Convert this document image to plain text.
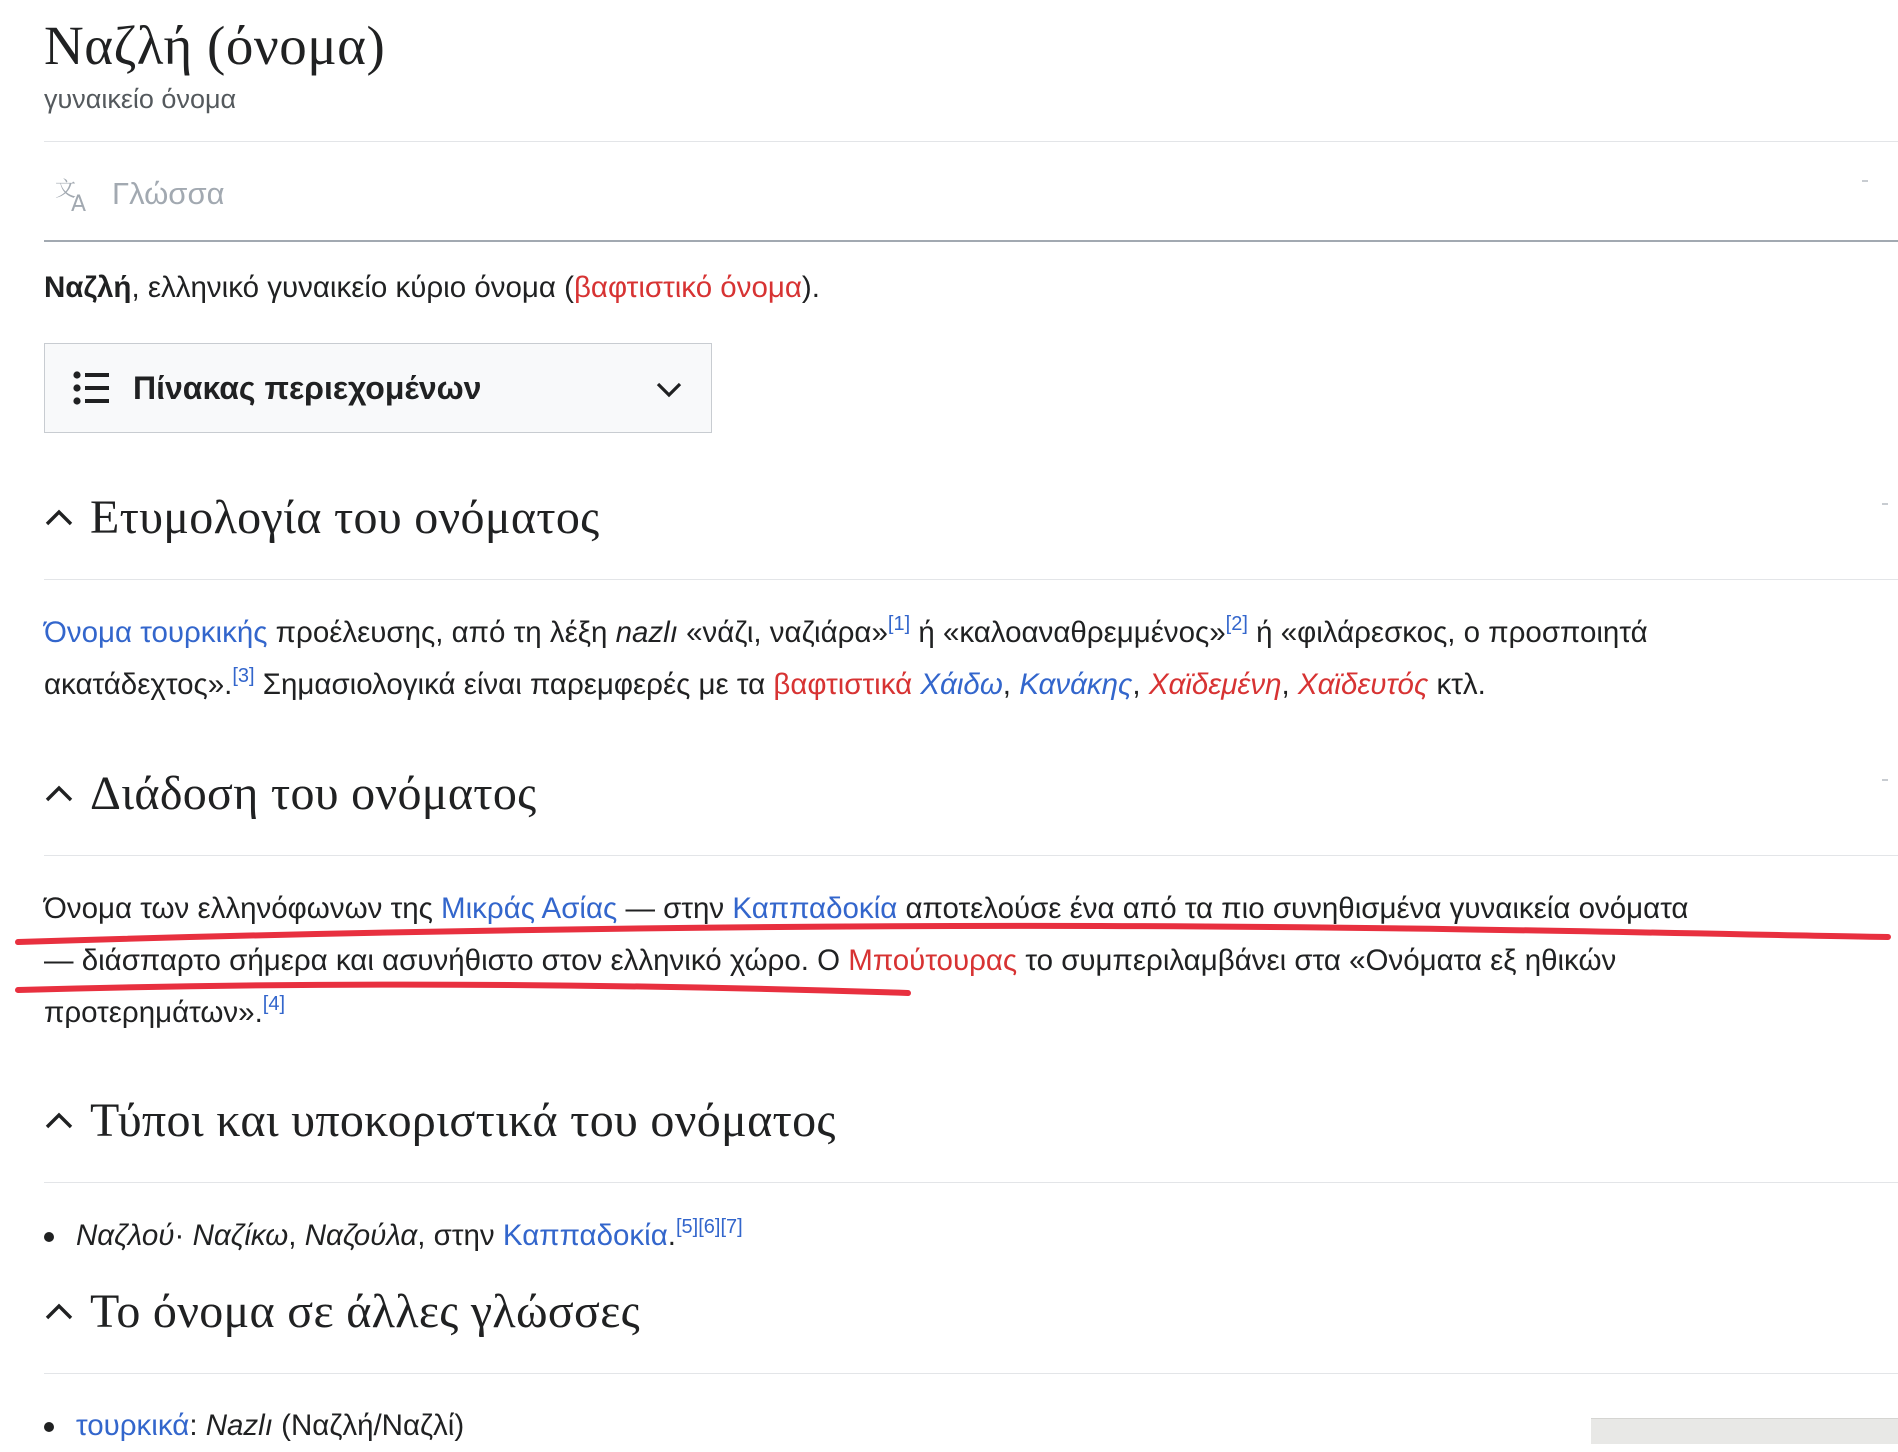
Ναζλή (όνομα)
γυναικείο όνομα
文
A Γλώσσα

Ναζλή, ελληνικό γυναικείο κύριο όνομα (βαφτιστικό όνομα).

Πίνακας περιεχομένων
Ετυμολογία του ονόματος

Όνομα τουρκικής προέλευσης, από τη λέξη nazlı «νάζι, ναζιάρα»[1] ή «καλοαναθρεμμένος»[2] ή «φιλάρεσκος, ο προσποιητά

ακατάδεχτος».[3] Σημασιολογικά είναι παρεμφερές με τα βαφτιστικά Χάιδω, Κανάκης, Χαϊδεμένη, Χαϊδευτός κτλ.

Διάδοση του ονόματος

Όνομα των ελληνόφωνων της Μικράς Ασίας — στην Καππαδοκία αποτελούσε ένα από τα πιο συνηθισμένα γυναικεία ονόματα

— διάσπαρτο σήμερα και ασυνήθιστο στον ελληνικό χώρο. Ο Μπούτουρας το συμπεριλαμβάνει στα «Ονόματα εξ ηθικών

προτερημάτων».[4]

Τύποι και υποκοριστικά του ονόματος
Ναζλού· Ναζίκω, Ναζούλα, στην Καππαδοκία.[5][6][7]
Το όνομα σε άλλες γλώσσες
τουρκικά: Nazlı (Ναζλή/Ναζλί)
